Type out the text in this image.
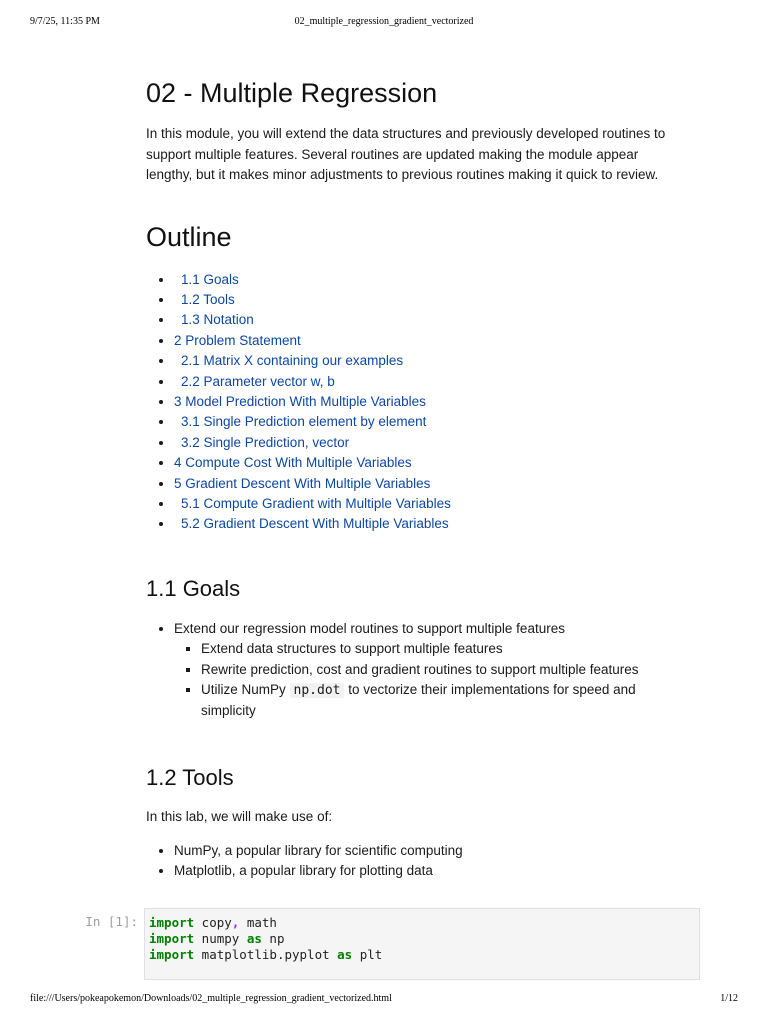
9/7/25, 11:35 PM	02_multiple_regression_gradient_vectorized
02 - Multiple Regression

In this module, you will extend the data structures and previously developed routines to support multiple features. Several routines are updated making the module appear lengthy, but it makes minor adjustments to previous routines making it quick to review.

Outline
• 1.1 Goals
• 1.2 Tools
• 1.3 Notation
• 2 Problem Statement
• 2.1 Matrix X containing our examples
• 2.2 Parameter vector w, b
• 3 Model Prediction With Multiple Variables
• 3.1 Single Prediction element by element
• 3.2 Single Prediction, vector
• 4 Compute Cost With Multiple Variables
• 5 Gradient Descent With Multiple Variables
• 5.1 Compute Gradient with Multiple Variables
• 5.2 Gradient Descent With Multiple Variables
1.1 Goals
• Extend our regression model routines to support multiple features
▪ Extend data structures to support multiple features
▪ Rewrite prediction, cost and gradient routines to support multiple features
▪ Utilize NumPy np.dot to vectorize their implementations for speed and simplicity
1.2 Tools

In this lab, we will make use of:

• NumPy, a popular library for scientific computing
• Matplotlib, a popular library for plotting data
In [1]: import copy, math
import numpy as np
import matplotlib.pyplot as plt
file:///Users/pokeapokemon/Downloads/02_multiple_regression_gradient_vectorized.html	1/12
